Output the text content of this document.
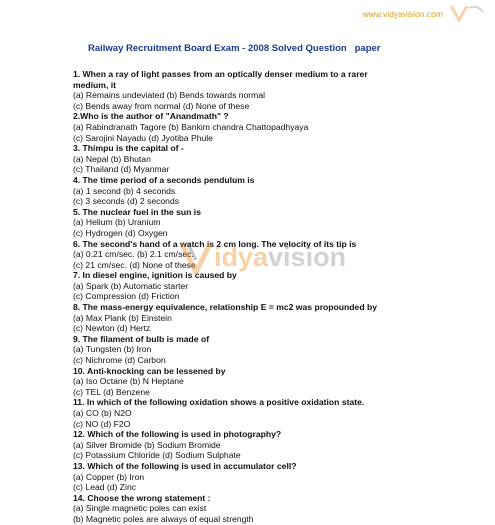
www.vidyavision.com
Railway Recruitment Board Exam - 2008 Solved Question   paper
1. When a ray of light passes from an optically denser medium to a rarer
medium, it
(a) Remains undeviated (b) Bends towards normal
(c) Bends away from normal (d) None of these
2.Who is the author of "Anandmath" ?
(a) Rabindranath Tagore (b) Bankim chandra Chattopadhyaya
(c) Sarojini Nayadu (d) Jyotiba Phule
3. Thimpu is the capital of -
(a) Nepal (b) Bhutan
(c) Thailand (d) Myanmar
4. The time period of a seconds pendulum is
(a) 1 second (b) 4 seconds
(c) 3 seconds (d) 2 seconds
5. The nuclear fuel in the sun is
(a) Helium (b) Uranium
(c) Hydrogen (d) Oxygen
6. The second's hand of a watch is 2 cm long. The velocity of its tip is
(a) 0.21 cm/sec. (b) 2.1 cm/sec.
(c) 21 cm/sec. (d) None of these
7. In diesel engine, ignition is caused by
(a) Spark (b) Automatic starter
(c) Compression (d) Friction
8. The mass-energy equivalence, relationship E = mc2 was propounded by
(a) Max Plank (b) Einstein
(c) Newton (d) Hertz
9. The filament of bulb is made of
(a) Tungsten (b) Iron
(c) Nichrome (d) Carbon
10. Anti-knocking can be lessened by
(a) Iso Octane (b) N Heptane
(c) TEL (d) Benzene
11. In which of the following oxidation shows a positive oxidation state.
(a) CO (b) N2O
(c) NO (d) F2O
12. Which of the following is used in photography?
(a) Silver Bromide (b) Sodium Bromide
(c) Potassium Chloride (d) Sodium Sulphate
13. Which of the following is used in accumulator cell?
(a) Copper (b) Iron
(c) Lead (d) Zinc
14. Choose the wrong statement :
(a) Single magnetic poles can exist
(b) Magnetic poles are always of equal strength
idyavision
